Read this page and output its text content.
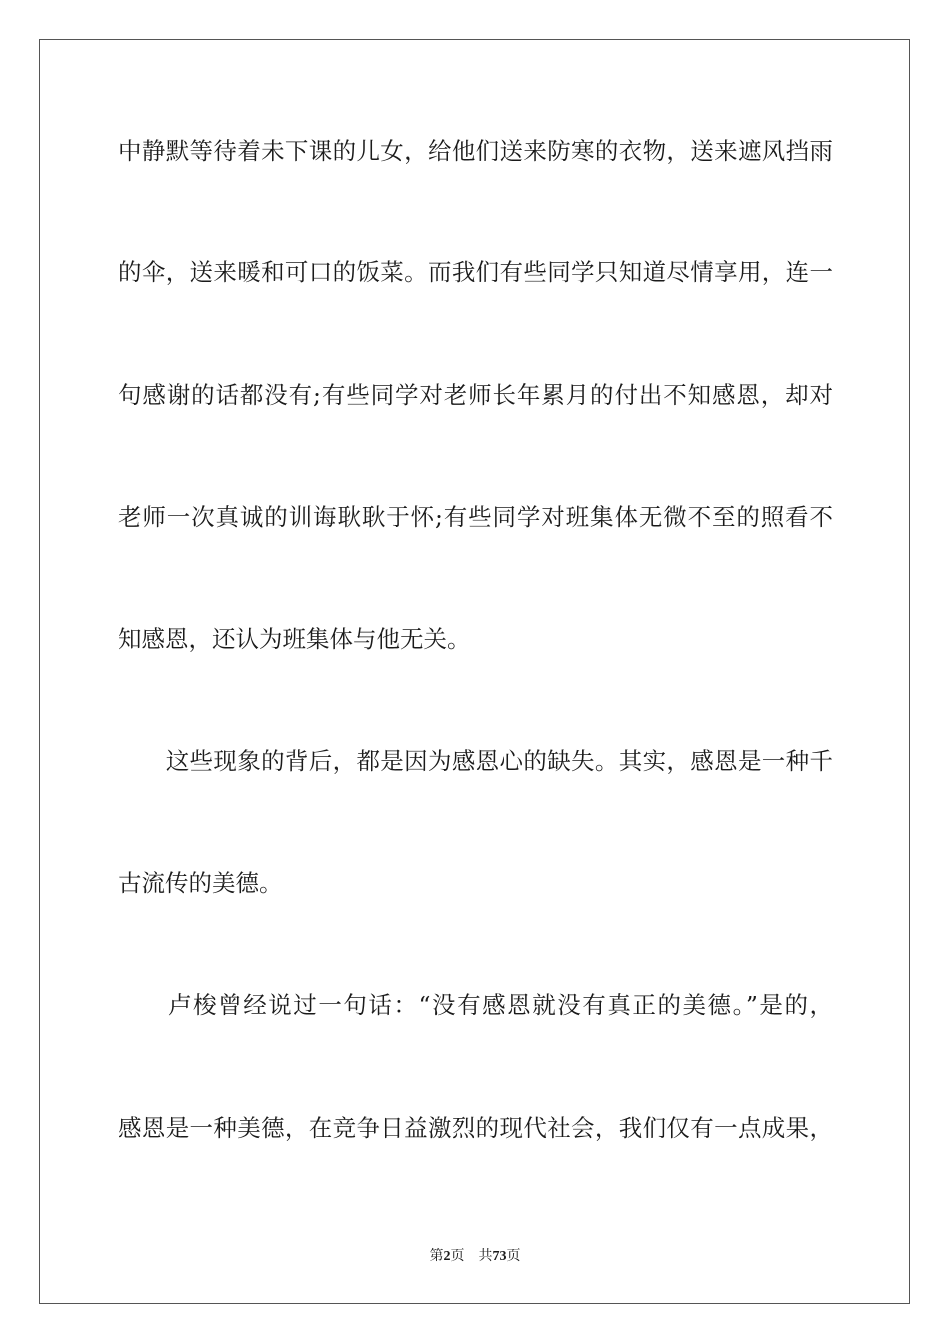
中静默等待着未下课的儿女，给他们送来防寒的衣物，送来遮风挡雨
的伞，送来暖和可口的饭菜。而我们有些同学只知道尽情享用，连一
句感谢的话都没有;有些同学对老师长年累月的付出不知感恩，却对
老师一次真诚的训诲耿耿于怀;有些同学对班集体无微不至的照看不
知感恩，还认为班集体与他无关。
　　这些现象的背后，都是因为感恩心的缺失。其实，感恩是一种千
古流传的美德。
　　卢梭曾经说过一句话：“没有感恩就没有真正的美德。”是的，
感恩是一种美德，在竞争日益激烈的现代社会，我们仅有一点成果，
第2页 共73页
